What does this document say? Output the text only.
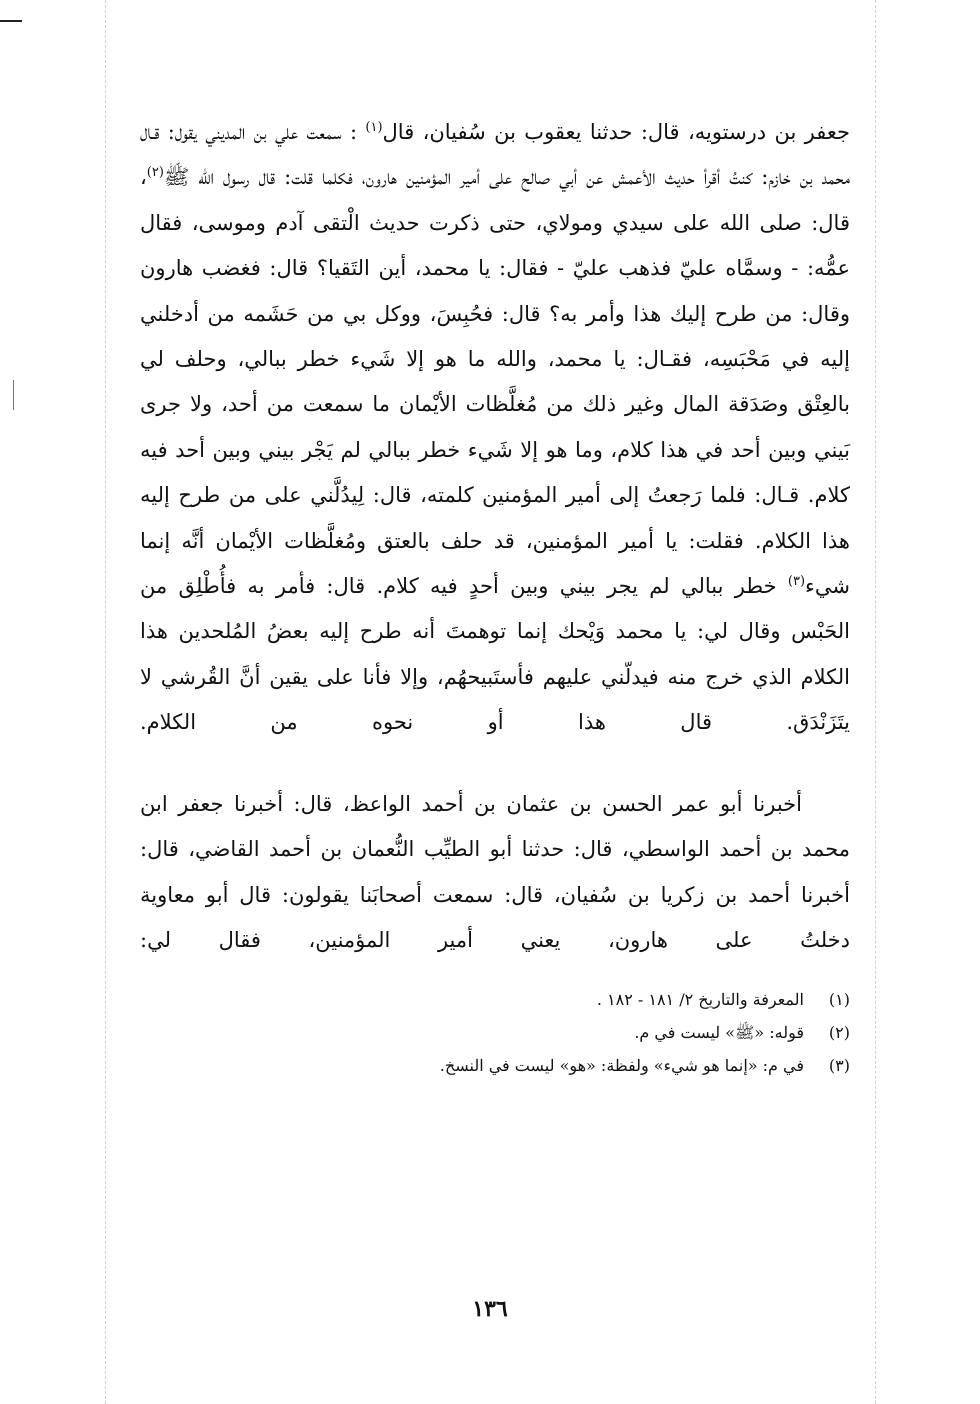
جعفر بن درستويه، قال: حدثنا يعقوب بن سُفيان، قال$^{(١)}$ : سمعت علي بن المديني يقول: قـال محمد بن خازم: كنتُ أقرأ حديث الأعمش عن أبي صالح على أمير المؤمنين هارون، فكلما قلت: قال رسول الله ﷺ$^{(٢)}$، قال: صلى الله على سيدي ومولاي، حتى ذكرت حديث الْتقى آدم وموسى، فقال عمُّه: - وسمَّاه عليّ فذهب عليّ - فقال: يا محمد، أين التَقيا؟ قال: فغضب هارون وقال: من طرح إليك هذا وأمر به؟ قال: فحُبِسَ، ووكل بي من حَشَمه من أدخلني إليه في مَحْبَسِه، فقـال: يا محمد، والله ما هو إلا شَيء خطر ببالي، وحلف لي بالعِتْق وصَدَقة المال وغير ذلك من مُغلَّظات الأيْمان ما سمعت من أحد، ولا جرى بَيني وبين أحد في هذا كلام، وما هو إلا شَيء خطر ببالي لم يَجْر بيني وبين أحد فيه كلام. قـال: فلما رَجعتُ إلى أمير المؤمنين كلمته، قال: لِيدُلَّني على من طرح إليه هذا الكلام. فقلت: يا أمير المؤمنين، قد حلف بالعتق ومُغلَّظات الأيْمان أنَّه إنما شيء$^{(٣)}$ خطر ببالي لم يجر بيني وبين أحدٍ فيه كلام. قال: فأمر به فأُطْلِق من الحَبْس وقال لي: يا محمد وَيْحك إنما توهمتَ أنه طرح إليه بعضُ المُلحدين هذا الكلام الذي خرج منه فيدلّني عليهم فأستَبيحهُم، وإلا فأنا على يقين أنَّ القُرشي لا يتَزَنْدَق. قال هذا أو نحوه من الكلام.
أخبرنا أبو عمر الحسن بن عثمان بن أحمد الواعظ، قال: أخبرنا جعفر ابن محمد بن أحمد الواسطي، قال: حدثنا أبو الطيِّب النُّعمان بن أحمد القاضي، قال: أخبرنا أحمد بن زكريا بن سُفيان، قال: سمعت أصحابَنا يقولون: قال أبو معاوية دخلتُ على هارون، يعني أمير المؤمنين، فقال لي:
(١)
المعرفة والتاريخ ٢/ ١٨١ - ١٨٢ .
(٢)
قوله: «ﷺ» ليست في م.
(٣)
في م: «إنما هو شيء» ولفظة: «هو» ليست في النسخ.
١٣٦
